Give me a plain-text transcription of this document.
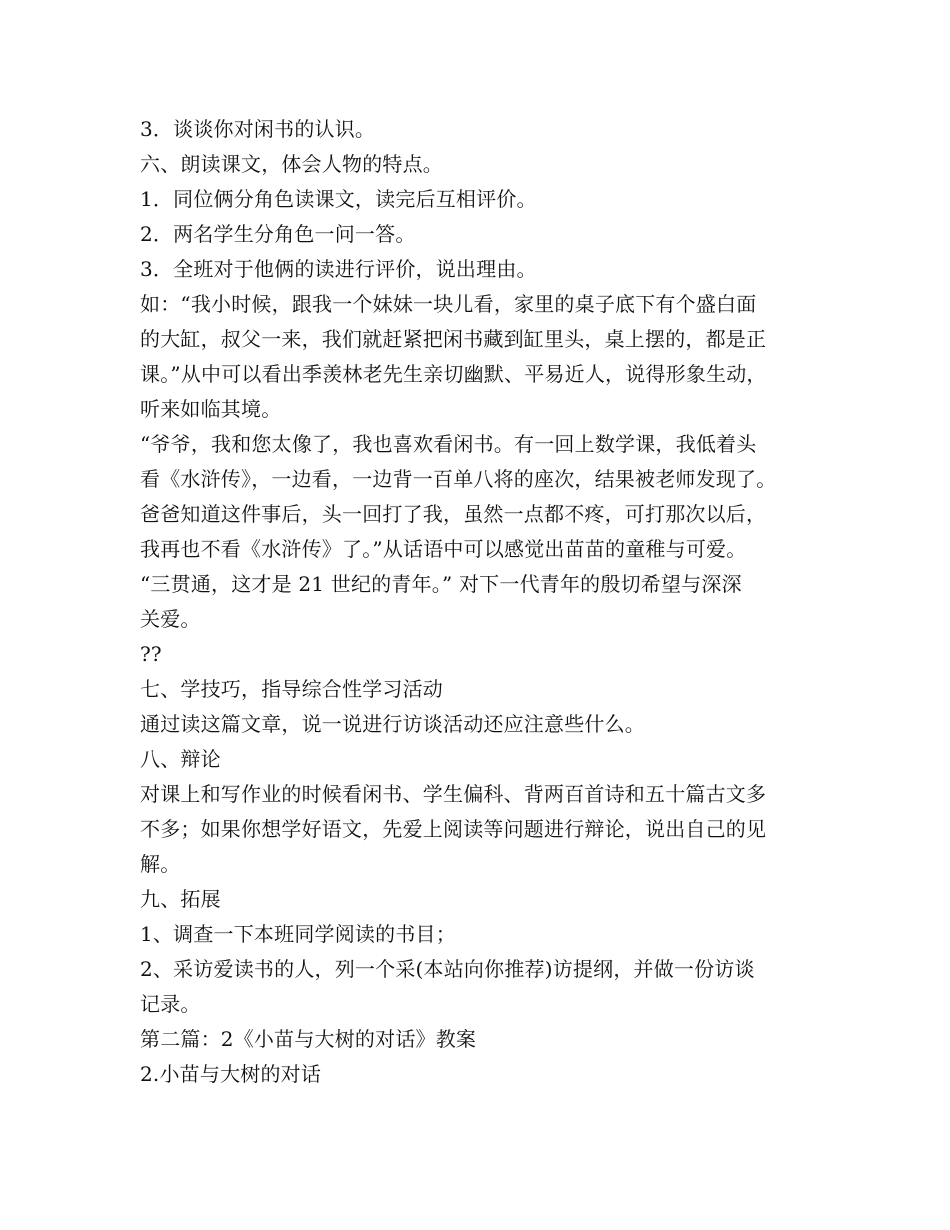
3．谈谈你对闲书的认识。
六、朗读课文，体会人物的特点。
1．同位俩分角色读课文，读完后互相评价。
2．两名学生分角色一问一答。
3．全班对于他俩的读进行评价，说出理由。
如：“我小时候，跟我一个妹妹一块儿看，家里的桌子底下有个盛白面
的大缸，叔父一来，我们就赶紧把闲书藏到缸里头，桌上摆的，都是正
课。”从中可以看出季羡林老先生亲切幽默、平易近人，说得形象生动，
听来如临其境。
“爷爷，我和您太像了，我也喜欢看闲书。有一回上数学课，我低着头
看《水浒传》，一边看，一边背一百单八将的座次，结果被老师发现了。
爸爸知道这件事后，头一回打了我，虽然一点都不疼，可打那次以后，
我再也不看《水浒传》了。”从话语中可以感觉出苗苗的童稚与可爱。
“三贯通，这才是 21 世纪的青年。” 对下一代青年的殷切希望与深深
关爱。
??
七、学技巧，指导综合性学习活动
通过读这篇文章，说一说进行访谈活动还应注意些什么。
八、辩论
对课上和写作业的时候看闲书、学生偏科、背两百首诗和五十篇古文多
不多；如果你想学好语文，先爱上阅读等问题进行辩论，说出自己的见
解。
九、拓展
1、调查一下本班同学阅读的书目；
2、采访爱读书的人，列一个采(本站向你推荐)访提纲，并做一份访谈
记录。
第二篇：2《小苗与大树的对话》教案
2.小苗与大树的对话
